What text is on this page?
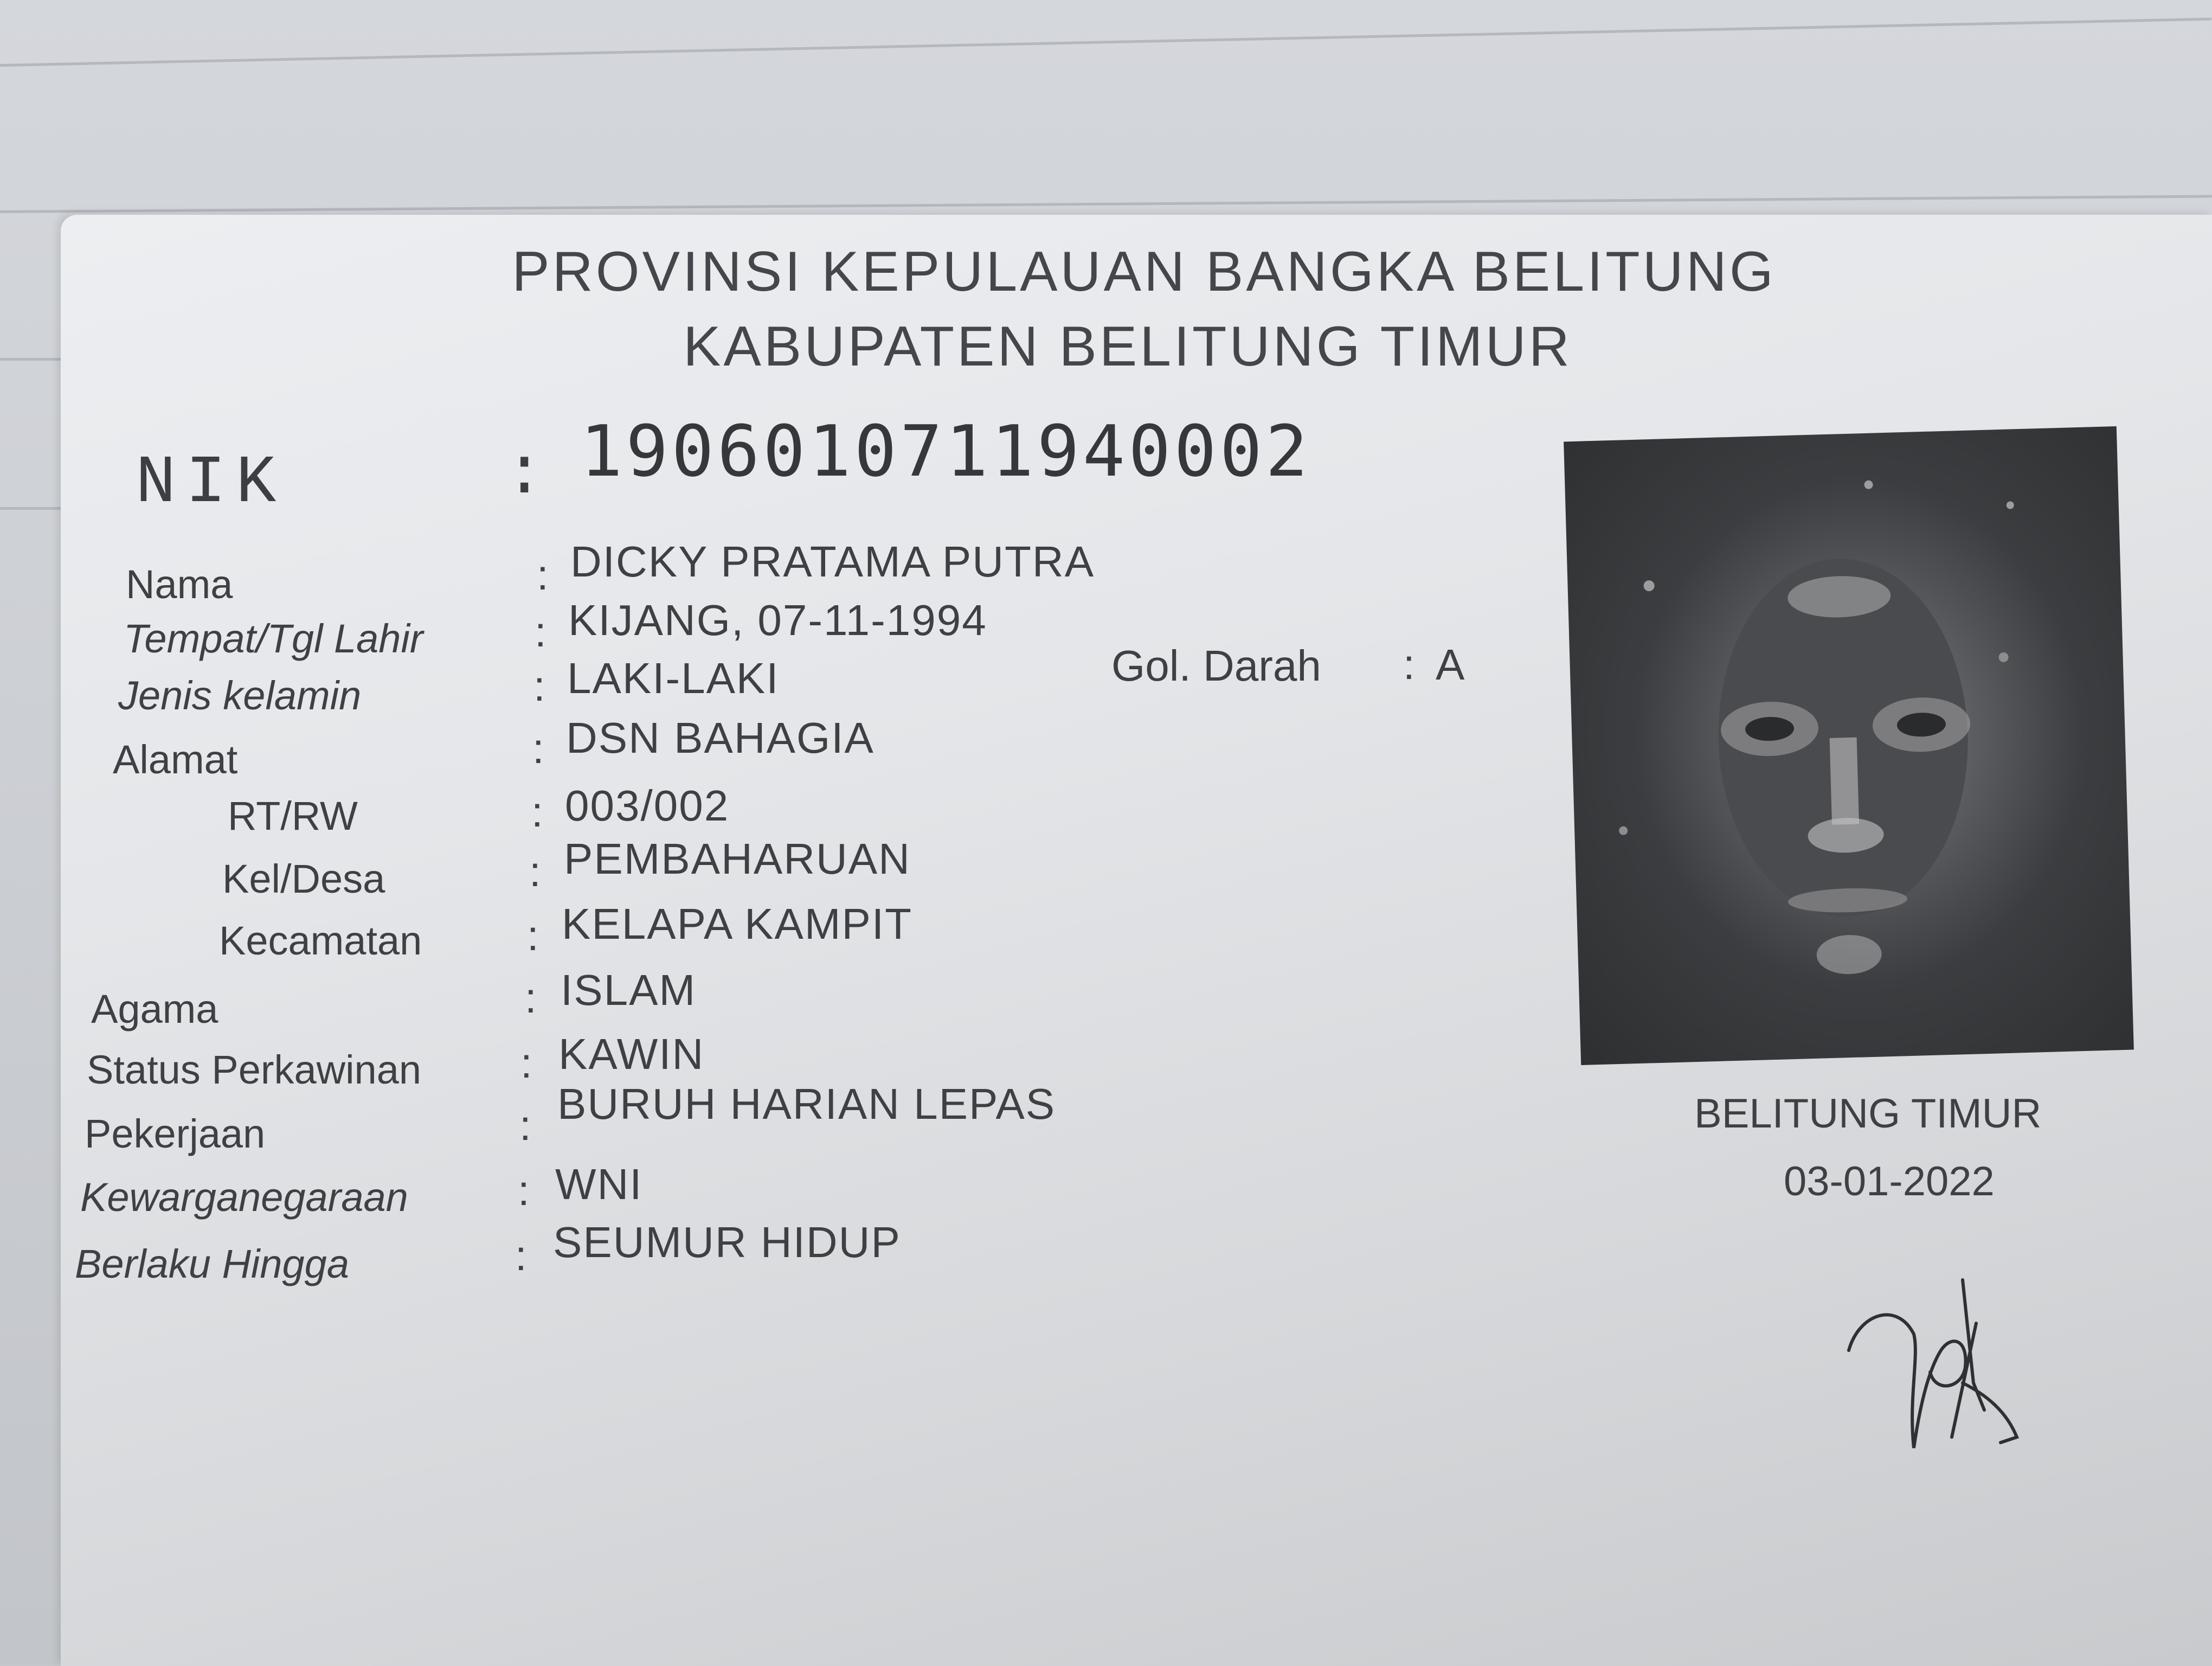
PROVINSI KEPULAUAN BANGKA BELITUNG
KABUPATEN BELITUNG TIMUR
NIK	: 1906010711940002
Nama	: DICKY PRATAMA PUTRA
Tempat/Tgl Lahir	: KIJANG, 07-11-1994
Jenis kelamin	: LAKI-LAKI	Gol. Darah : A
Alamat	: DSN BAHAGIA
RT/RW	: 003/002
Kel/Desa	: PEMBAHARUAN
Kecamatan : KELAPA KAMPIT
Agama	: ISLAM
Status Perkawinan : KAWIN
Pekerjaan	: BURUH HARIAN LEPAS
Kewarganegaraan	: WNI
Berlaku Hingga	: SEUMUR HIDUP
BELITUNG TIMUR
03-01-2022
